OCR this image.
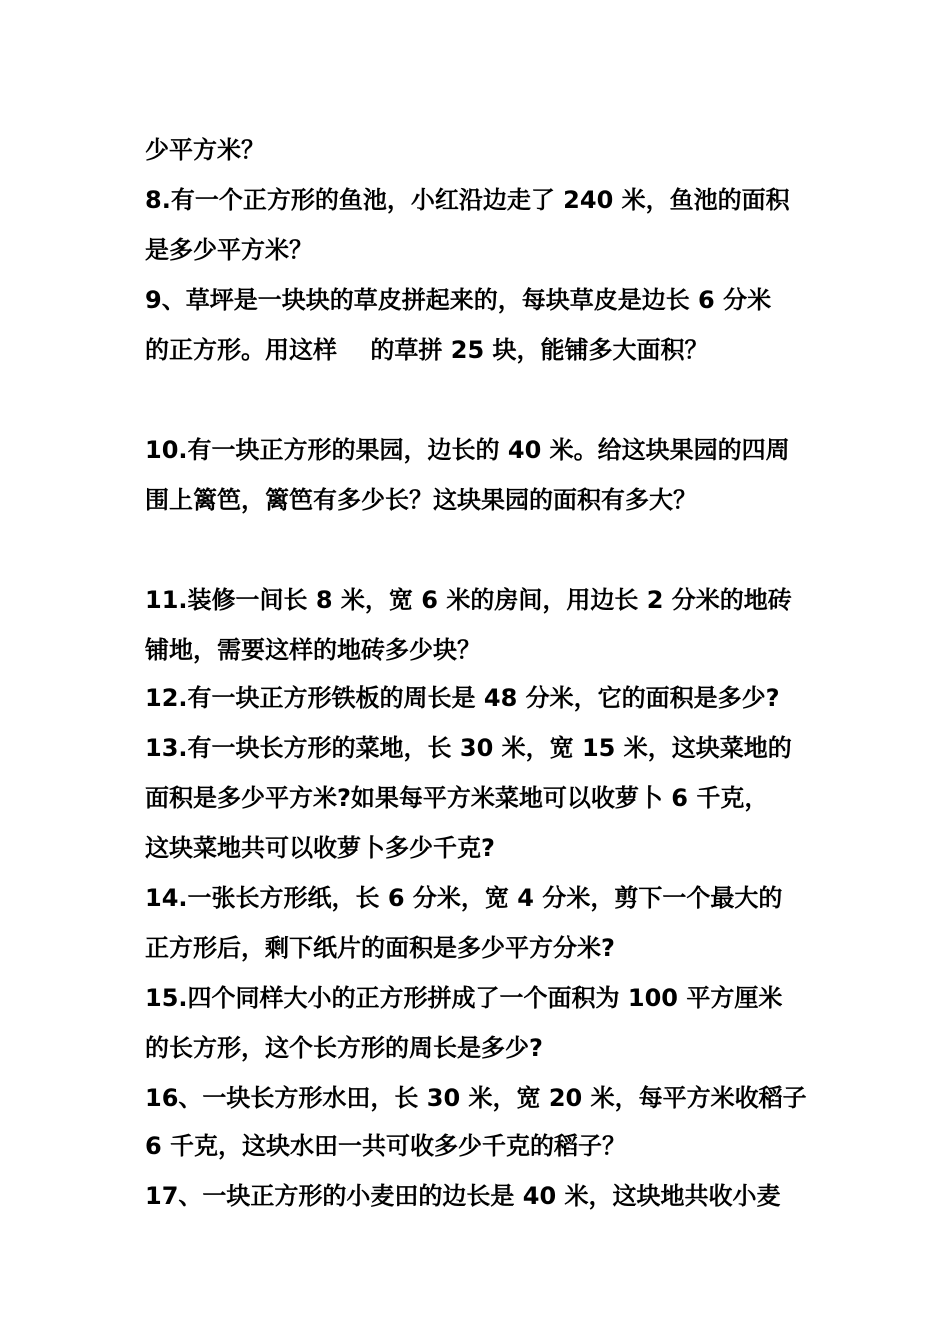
少平方米？
8.有一个正方形的鱼池，小红沿边走了 240 米，鱼池的面积
是多少平方米？
9、草坪是一块块的草皮拼起来的，每块草皮是边长 6 分米
的正方形。用这样    的草拼 25 块，能铺多大面积？
10.有一块正方形的果园，边长的 40 米。给这块果园的四周
围上篱笆，篱笆有多少长？这块果园的面积有多大？
11.装修一间长 8 米，宽 6 米的房间，用边长 2 分米的地砖
铺地，需要这样的地砖多少块？
12.有一块正方形铁板的周长是 48 分米，它的面积是多少?
13.有一块长方形的菜地，长 30 米，宽 15 米，这块菜地的
面积是多少平方米?如果每平方米菜地可以收萝卜 6 千克，
这块菜地共可以收萝卜多少千克?
14.一张长方形纸，长 6 分米，宽 4 分米，剪下一个最大的
正方形后，剩下纸片的面积是多少平方分米?
15.四个同样大小的正方形拼成了一个面积为 100 平方厘米
的长方形，这个长方形的周长是多少?
16、一块长方形水田，长 30 米，宽 20 米，每平方米收稻子
6 千克，这块水田一共可收多少千克的稻子？
17、一块正方形的小麦田的边长是 40 米，这块地共收小麦
